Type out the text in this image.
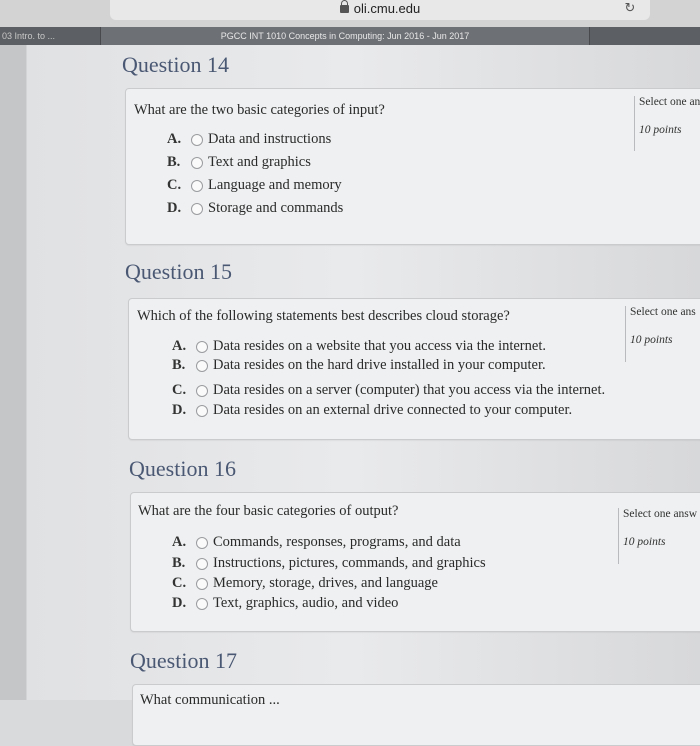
oli.cmu.edu	↻
03 Intro. to ...	PGCC INT 1010 Concepts in Computing: Jun 2016 - Jun 2017
Question 14
What are the two basic categories of input?	Select one an
10 points
A.	Data and instructions
B.	Text and graphics
C.	Language and memory
D.	Storage and commands
Question 15
Which of the following statements best describes cloud storage?	Select one ans
10 points
A.	Data resides on a website that you access via the internet.
B.	Data resides on the hard drive installed in your computer.
C.	Data resides on a server (computer) that you access via the internet.
D.	Data resides on an external drive connected to your computer.
Question 16
What are the four basic categories of output?	Select one answ
10 points
A.	Commands, responses, programs, and data
B.	Instructions, pictures, commands, and graphics
C.	Memory, storage, drives, and language
D.	Text, graphics, audio, and video
Question 17
What communication ...
